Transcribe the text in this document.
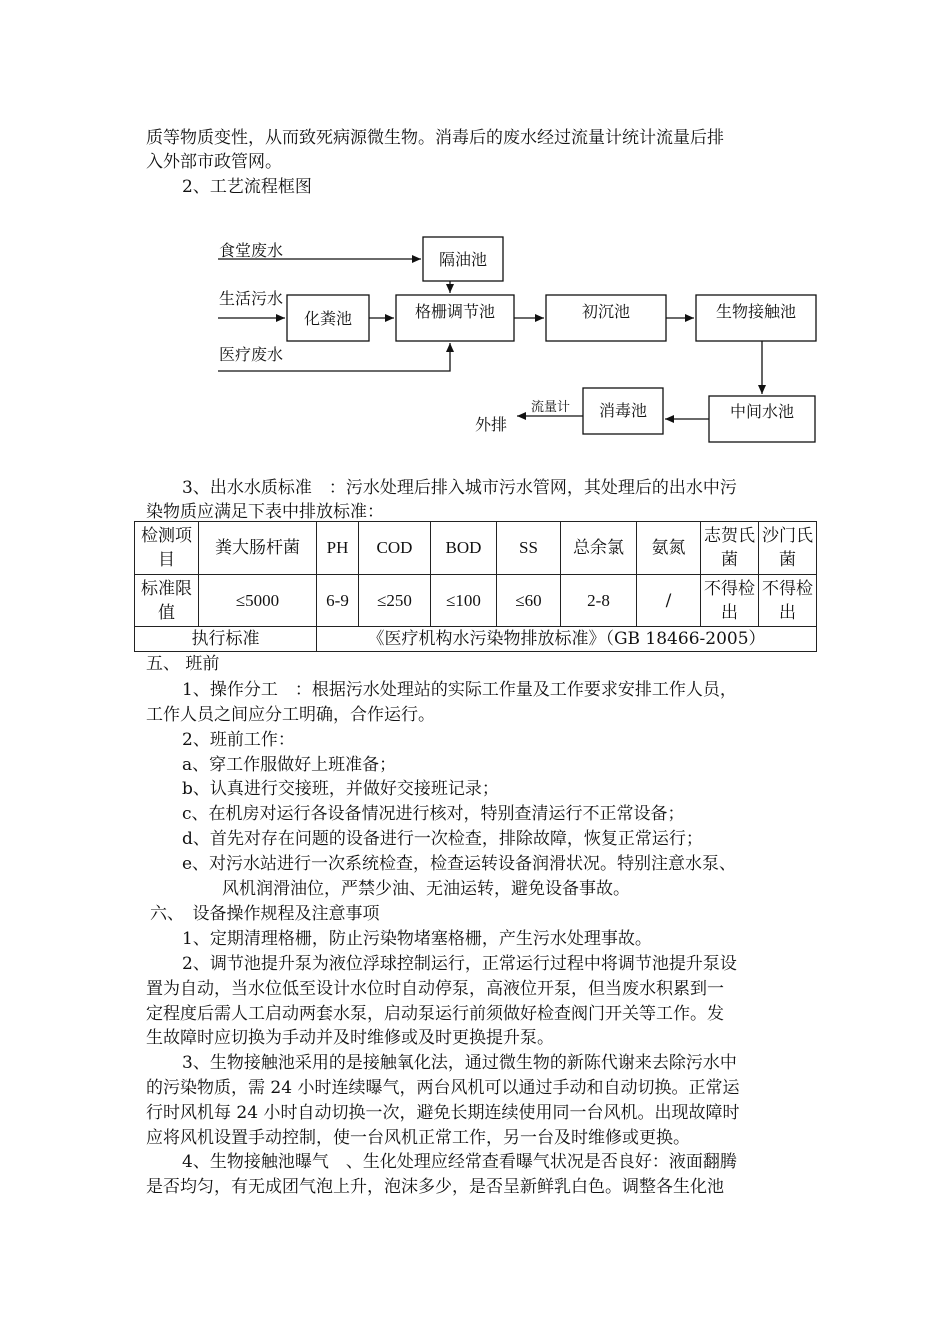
质等物质变性，从而致死病源微生物。消毒后的废水经过流量计统计流量后排
入外部市政管网。
2、工艺流程框图
食堂废水
生活污水
医疗废水
隔油池
化粪池	格栅调节池	初沉池	生物接触池
中间水池
消毒池
外排
流量计
3、出水水质标准　：污水处理后排入城市污水管网，其处理后的出水中污
染物质应满足下表中排放标准：
检测项目	粪大肠杆菌	PH	COD	BOD	SS	总余氯	氨氮	志贺氏菌	沙门氏菌
标准限值	≤5000	6-9	≤250	≤100	≤60	2-8	/	不得检出	不得检出
执行标准		《医疗机构水污染物排放标准》（GB 18466-2005）							
五、 班前
1、操作分工　：根据污水处理站的实际工作量及工作要求安排工作人员，
工作人员之间应分工明确，合作运行。
2、班前工作：
a、穿工作服做好上班准备；
b、认真进行交接班，并做好交接班记录；
c、在机房对运行各设备情况进行核对，特别查清运行不正常设备；
d、首先对存在问题的设备进行一次检查，排除故障，恢复正常运行；
e、对污水站进行一次系统检查，检查运转设备润滑状况。特别注意水泵、
风机润滑油位，严禁少油、无油运转，避免设备事故。
六、　设备操作规程及注意事项
1、定期清理格栅，防止污染物堵塞格栅，产生污水处理事故。
2、调节池提升泵为液位浮球控制运行，正常运行过程中将调节池提升泵设
置为自动，当水位低至设计水位时自动停泵，高液位开泵，但当废水积累到一
定程度后需人工启动两套水泵，启动泵运行前须做好检查阀门开关等工作。发
生故障时应切换为手动并及时维修或及时更换提升泵。
3、生物接触池采用的是接触氧化法，通过微生物的新陈代谢来去除污水中
的污染物质，需 24 小时连续曝气，两台风机可以通过手动和自动切换。正常运
行时风机每 24 小时自动切换一次，避免长期连续使用同一台风机。出现故障时
应将风机设置手动控制，使一台风机正常工作，另一台及时维修或更换。
4、生物接触池曝气　、生化处理应经常查看曝气状况是否良好：液面翻腾
是否均匀，有无成团气泡上升，泡沫多少，是否呈新鲜乳白色。调整各生化池
